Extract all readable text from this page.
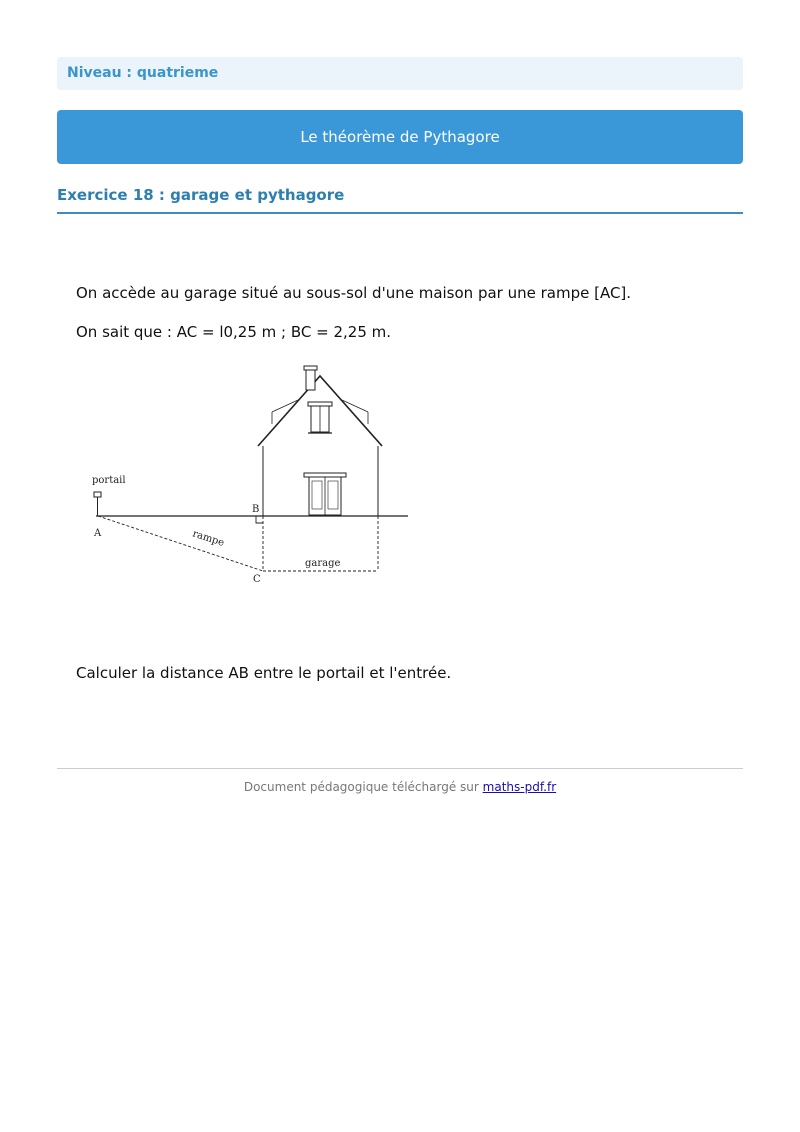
Niveau : quatrieme
Le théorème de Pythagore
Exercice 18 : garage et pythagore
On accède au garage situé au sous-sol d'une maison par une rampe [AC].
On sait que : AC = l0,25 m ; BC = 2,25 m.
portail
A
B
C
rampe
garage
Calculer la distance AB entre le portail et l'entrée.
Document pédagogique téléchargé sur maths-pdf.fr
